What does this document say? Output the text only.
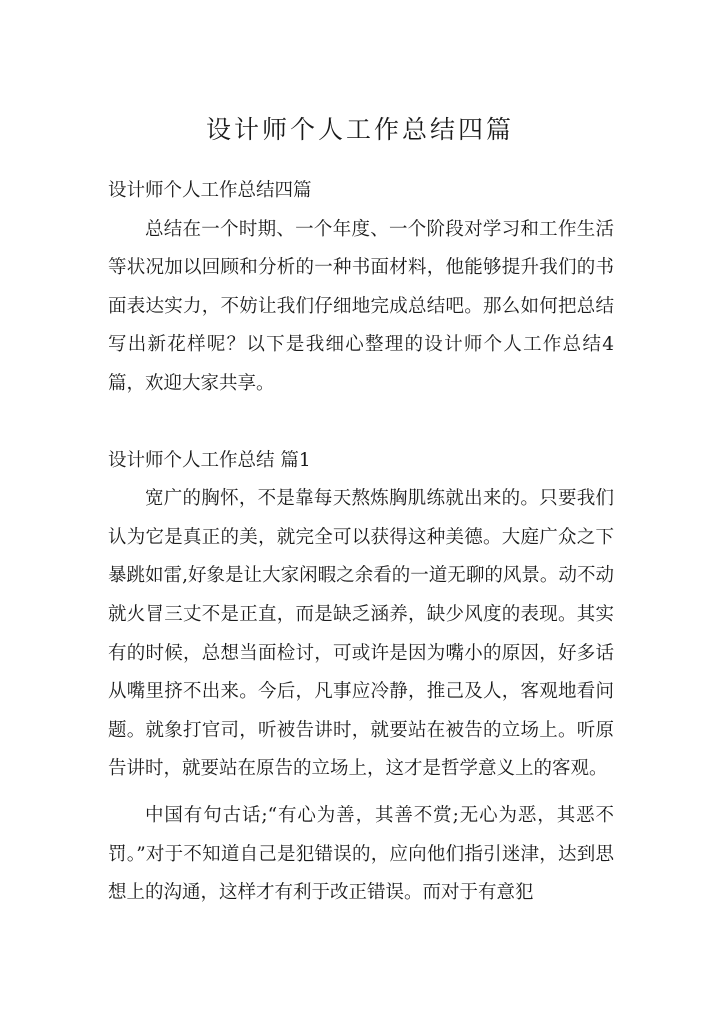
设计师个人工作总结四篇

设计师个人工作总结四篇

总结在一个时期、一个年度、一个阶段对学习和工作生活等状况加以回顾和分析的一种书面材料，他能够提升我们的书面表达实力，不妨让我们仔细地完成总结吧。那么如何把总结写出新花样呢？以下是我细心整理的设计师个人工作总结4篇，欢迎大家共享。

设计师个人工作总结 篇1

宽广的胸怀，不是靠每天熬炼胸肌练就出来的。只要我们认为它是真正的美，就完全可以获得这种美德。大庭广众之下暴跳如雷,好象是让大家闲暇之余看的一道无聊的风景。动不动就火冒三丈不是正直，而是缺乏涵养，缺少风度的表现。其实有的时候，总想当面检讨，可或许是因为嘴小的原因，好多话从嘴里挤不出来。今后，凡事应冷静，推己及人，客观地看问题。就象打官司，听被告讲时，就要站在被告的立场上。听原告讲时，就要站在原告的立场上，这才是哲学意义上的客观。

中国有句古话;“有心为善，其善不赏;无心为恶，其恶不罚。”对于不知道自己是犯错误的，应向他们指引迷津，达到思想上的沟通，这样才有利于改正错误。而对于有意犯
